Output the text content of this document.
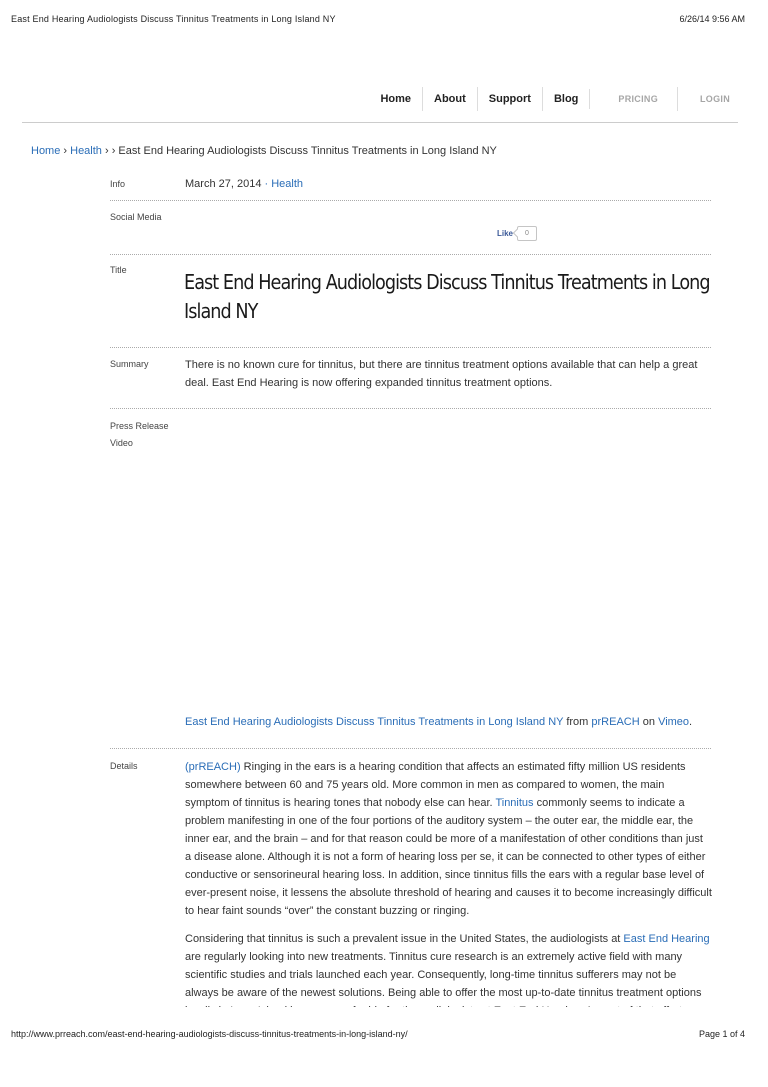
East End Hearing Audiologists Discuss Tinnitus Treatments in Long Island NY	6/26/14 9:56 AM
Home	About	Support	Blog	PRICING	LOGIN
Home › Health › › East End Hearing Audiologists Discuss Tinnitus Treatments in Long Island NY
Info	March 27, 2014 · Health
Social Media
Like	0
Title	East End Hearing Audiologists Discuss Tinnitus Treatments in Long Island NY
Summary	There is no known cure for tinnitus, but there are tinnitus treatment options available that can help a great deal. East End Hearing is now offering expanded tinnitus treatment options.
Press Release
Video
East End Hearing Audiologists Discuss Tinnitus Treatments in Long Island NY from prREACH on Vimeo.
Details	(prREACH) Ringing in the ears is a hearing condition that affects an estimated fifty million US residents somewhere between 60 and 75 years old. More common in men as compared to women, the main symptom of tinnitus is hearing tones that nobody else can hear. Tinnitus commonly seems to indicate a problem manifesting in one of the four portions of the auditory system – the outer ear, the middle ear, the inner ear, and the brain – and for that reason could be more of a manifestation of other conditions than just a disease alone. Although it is not a form of hearing loss per se, it can be connected to other types of either conductive or sensorineural hearing loss. In addition, since tinnitus fills the ears with a regular base level of ever-present noise, it lessens the absolute threshold of hearing and causes it to become increasingly difficult to hear faint sounds “over” the constant buzzing or ringing.

Considering that tinnitus is such a prevalent issue in the United States, the audiologists at East End Hearing are regularly looking into new treatments. Tinnitus cure research is an extremely active field with many scientific studies and trials launched each year. Consequently, long-time tinnitus sufferers may not be always be aware of the newest solutions. Being able to offer the most up-to-date tinnitus treatment options

http://www.prreach.com/east-end-hearing-audiologists-discuss-tinnitus-treatments-in-long-island-ny/	Page 1 of 4
